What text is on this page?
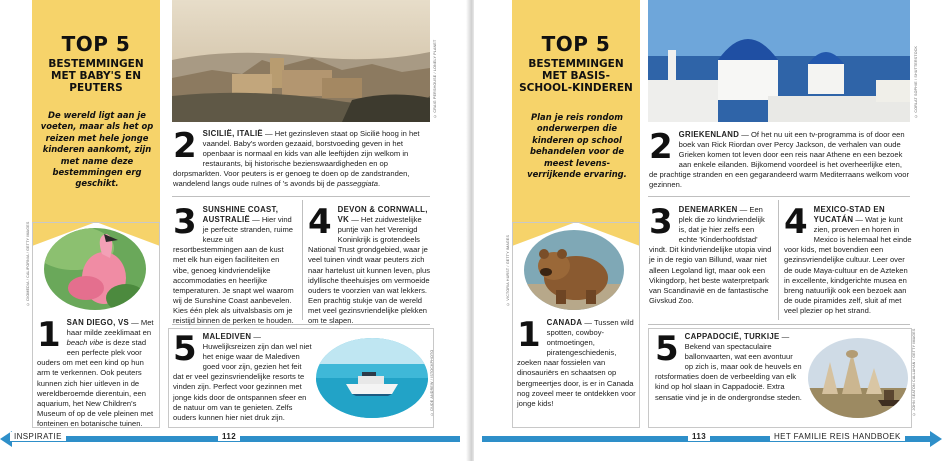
TOP 5
BESTEMMINGEN MET BABY'S EN PEUTERS
De wereld ligt aan je voeten, maar als het op reizen met hele jonge kinderen aankomt, zijn met name deze bestemmingen erg geschikt.
© CRAIG PERSHOUSE / LONELY PLANET
2 SICILIË, ITALIË — Het gezinsleven staat op Sicilië hoog in het vaandel. Baby's worden gezaaid, borstvoeding geven in het openbaar is normaal en kids van alle leeftijden zijn welkom in restaurants, bij historische bezienswaardigheden en op dorpsmarkten. Voor peuters is er genoeg te doen op de zandstranden, wandelend langs oude ruïnes of 's avonds bij de passeggiata.
3 SUNSHINE COAST, AUSTRALIË — Hier vind je perfecte stranden, ruime keuze uit resortbestemmingen aan de kust met elk hun eigen faciliteiten en vibe, genoeg kindvriendelijke accommodaties en heerlijke temperaturen. Je snapt wel waarom wij de Sunshine Coast aanbevelen. Kies één plek als uitvalsbasis om je reistijd binnen de perken te houden.
4 DEVON & CORNWALL, VK — Het zuidwestelijke puntje van het Verenigd Koninkrijk is grotendeels National Trust grondgebied, waar je veel tuinen vindt waar peuters zich naar hartelust uit kunnen leven, plus idyllische theehuisjes om vermoeide ouders te voorzien van wat lekkers. Een prachtig stukje van de wereld met veel gezinsvriendelijke plekken om te slapen.
© DIOMEDIA / CALIFORNIA / GETTY IMAGES
1 SAN DIEGO, VS — Met haar milde zeeklimaat en beach vibe is deze stad een perfecte plek voor ouders om met een kind op hun arm te verkennen. Ook peuters kunnen zich hier uitleven in de wereldberoemde dierentuin, een aquarium, het New Children's Museum of op de vele pleinen met fonteinen en botanische tuinen.
5 MALEDIVEN — Huwelijksreizen zijn dan wel niet het enige waar de Malediven goed voor zijn, gezien het feit dat er veel gezinsvriendelijke resorts te vinden zijn. Perfect voor gezinnen met jonge kids door de ontspannen sfeer en de natuur om van te genieten. Zelfs ouders kunnen hier niet druk zijn.
© DUDE ANDREW / ISTOCKPHOTO
INSPIRATIE	112
TOP 5
BESTEMMINGEN MET BASIS-SCHOOL-KINDEREN
Plan je reis rondom onderwerpen die kinderen op school behandelen voor de meest levens-verrijkende ervaring.
© CORLAT SOPHIE / SHUTTERSTOCK
2 GRIEKENLAND — Of het nu uit een tv-programma is of door een boek van Rick Riordan over Percy Jackson, de verhalen van oude Grieken komen tot leven door een reis naar Athene en een bezoek aan enkele eilanden. Bijkomend voordeel is het overheerlijke eten, de prachtige stranden en een gegarandeerd warm Mediterraans welkom voor gezinnen.
3 DENEMARKEN — Een plek die zo kindvriendelijk is, dat je hier zelfs een echte 'Kinderhoofdstad' vindt. Dit kindvriendelijke utopia vind je in de regio van Billund, waar niet alleen Legoland ligt, maar ook een Vikingdorp, het beste waterpretpark van Scandinavië en de fantastische Givskud Zoo.
4 MEXICO-STAD EN YUCATÁN — Wat je kunt zien, proeven en horen in Mexico is helemaal het einde voor kids, met bovendien een gezinsvriendelijke cultuur. Leer over de oude Maya-cultuur en de Azteken in excellente, kindgerichte musea en breng natuurlijk ook een bezoek aan de oude piramides zelf, sluit af met veel plezier op het strand.
© VICTORIA HURST / GETTY IMAGES
1 CANADA — Tussen wild spotten, cowboy-ontmoetingen, piratengeschiedenis, zoeken naar fossielen van dinosauriërs en schaatsen op bergmeertjes door, is er in Canada nog zoveel meer te ontdekken voor jonge kids!
5 CAPPADOCIË, TURKIJE — Bekend van spectaculaire ballonvaarten, wat een avontuur op zich is, maar ook de heuvels en rotsformaties doen de verbeelding van elk kind op hol slaan in Cappadocië. Extra sensatie vind je in de ondergrondse steden.	© JOHN SEATON CALLAHAN / GETTY IMAGES
113	HET FAMILIE REIS HANDBOEK
